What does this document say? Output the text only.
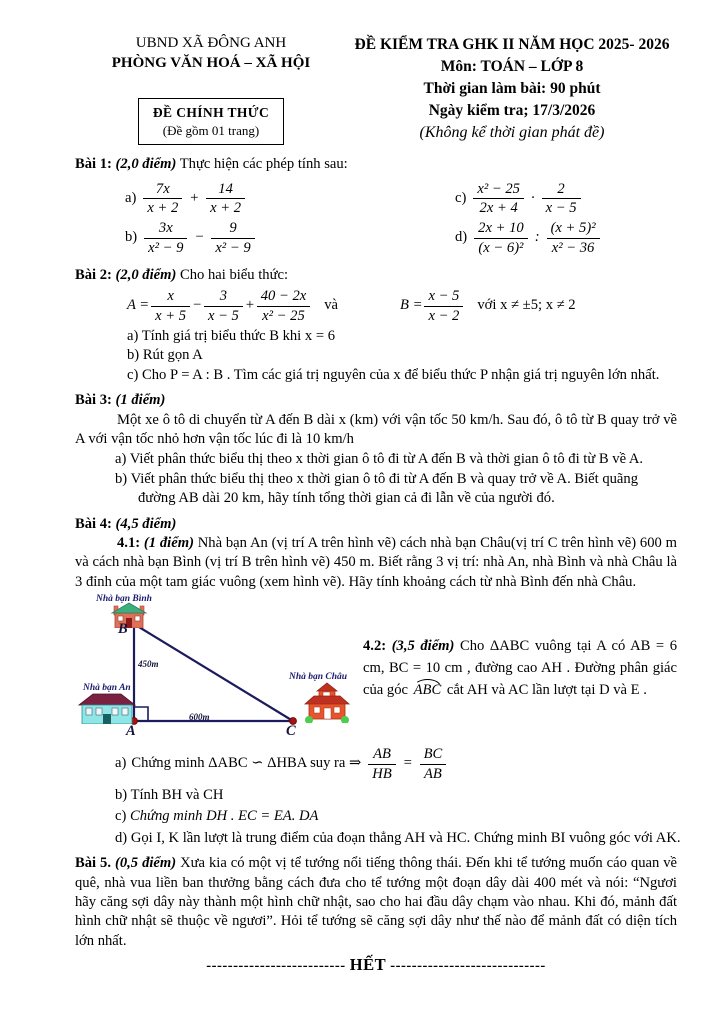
UBND XÃ ĐÔNG ANH
PHÒNG VĂN HOÁ – XÃ HỘI
ĐỀ CHÍNH THỨC
(Đề gồm 01 trang)
ĐỀ KIỂM TRA GHK II NĂM HỌC 2025- 2026
Môn: TOÁN – LỚP 8
Thời gian làm bài: 90 phút
Ngày kiểm tra; 17/3/2026
(Không kể thời gian phát đề)
Bài 1: (2,0 điểm) Thực hiện các phép tính sau:
$a) \frac{7x}{x + 2} + \frac{14}{x + 2}$
$b) \frac{3x}{\text{x² − 9}} - \frac{9}{\text{x² − 9}}$
$c) \frac{\text{x² − 25}}{2x + 4} \cdot \frac{2}{x - 5}$
$d) \frac{2x + 10}{\text{(x − 6)²}}$ : $\frac{\text{(x + 5)²}}{\text{x² − 36}}$
Bài 2: (2,0 điểm) Cho hai biểu thức:
$A = \frac{x}{x + 5} - \frac{3}{x - 5} + \frac{40 - 2x}{\text{x² − 25}}$ và	$B = \frac{x - 5}{x - 2}$ với x ≠ ±5; x ≠ 2
a) Tính giá trị biểu thức B khi x = 6
b) Rút gọn A
c) Cho P = A : B . Tìm các giá trị nguyên của x để biểu thức P nhận giá trị nguyên lớn nhất.
Bài 3: (1 điểm)
Một xe ô tô di chuyển từ A đến B dài x (km) với vận tốc 50 km/h. Sau đó, ô tô từ B quay trở về A với vận tốc nhỏ hơn vận tốc lúc đi là 10 km/h
a) Viết phân thức biểu thị theo x thời gian ô tô đi từ A đến B và thời gian ô tô đi từ B về A.
b) Viết phân thức biểu thị theo x thời gian ô tô đi từ A đến B và quay trở về A. Biết quãng đường AB dài 20 km, hãy tính tổng thời gian cả đi lẫn về của người đó.
Bài 4: (4,5 điểm)
4.1: (1 điểm) Nhà bạn An (vị trí A trên hình vẽ) cách nhà bạn Châu(vị trí C trên hình vẽ) 600 m và cách nhà bạn Bình (vị trí B trên hình vẽ) 450 m. Biết rằng 3 vị trí: nhà An, nhà Bình và nhà Châu là 3 đỉnh của một tam giác vuông (xem hình vẽ). Hãy tính khoảng cách từ nhà Bình đến nhà Châu.
Nhà bạn Bình
Nhà bạn An
Nhà bạn Châu
B
A	C
450m
600m
4.2: (3,5 điểm) Cho ΔABC vuông tại A có AB = 6 cm, BC = 10 cm , đường cao AH . Đường phân giác của góc ABC cắt AH và AC lần lượt tại D và E .
a) Chứng minh ΔABC ∽ ΔHBA suy ra ⇒ $\frac{AB}{HB} = \frac{BC}{AB}$
b) Tính BH và CH
c) Chứng minh DH . EC = EA. DA
d) Gọi I, K lần lượt là trung điểm của đoạn thẳng AH và HC. Chứng minh BI vuông góc với AK.
Bài 5. (0,5 điểm) Xưa kia có một vị tể tướng nổi tiếng thông thái. Đến khi tể tướng muốn cáo quan về quê, nhà vua liền ban thưởng bằng cách đưa cho tể tướng một đoạn dây dài 400 mét và nói: “Ngươi hãy căng sợi dây này thành một hình chữ nhật, sao cho hai đầu dây chạm vào nhau. Khi đó, mảnh đất hình chữ nhật sẽ thuộc về ngươi”. Hỏi tể tướng sẽ căng sợi dây như thế nào để mảnh đất có diện tích lớn nhất.
-------------------------- HẾT -----------------------------
